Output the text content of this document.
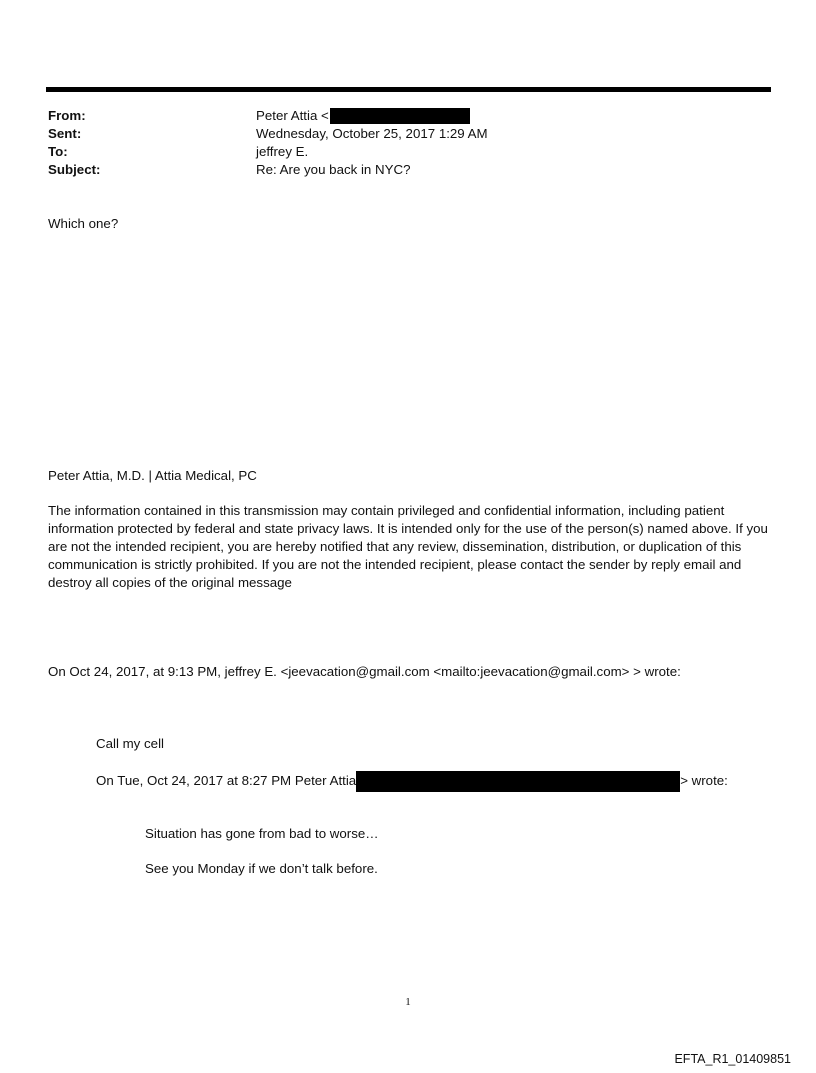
From:	Peter Attia <
Sent:	Wednesday, October 25, 2017 1:29 AM
To:	jeffrey E.
Subject:	Re: Are you back in NYC?
Which one?
Peter Attia, M.D. | Attia Medical, PC
The information contained in this transmission may contain privileged and confidential information, including patient information protected by federal and state privacy laws. It is intended only for the use of the person(s) named above. If you are not the intended recipient, you are hereby notified that any review, dissemination, distribution, or duplication of this communication is strictly prohibited. If you are not the intended recipient, please contact the sender by reply email and destroy all copies of the original message
On Oct 24, 2017, at 9:13 PM, jeffrey E. <jeevacation@gmail.com <mailto:jeevacation@gmail.com> > wrote:
Call my cell
On Tue, Oct 24, 2017 at 8:27 PM Peter Attia	> wrote:
Situation has gone from bad to worse…
See you Monday if we don’t talk before.
1
EFTA_R1_01409851
